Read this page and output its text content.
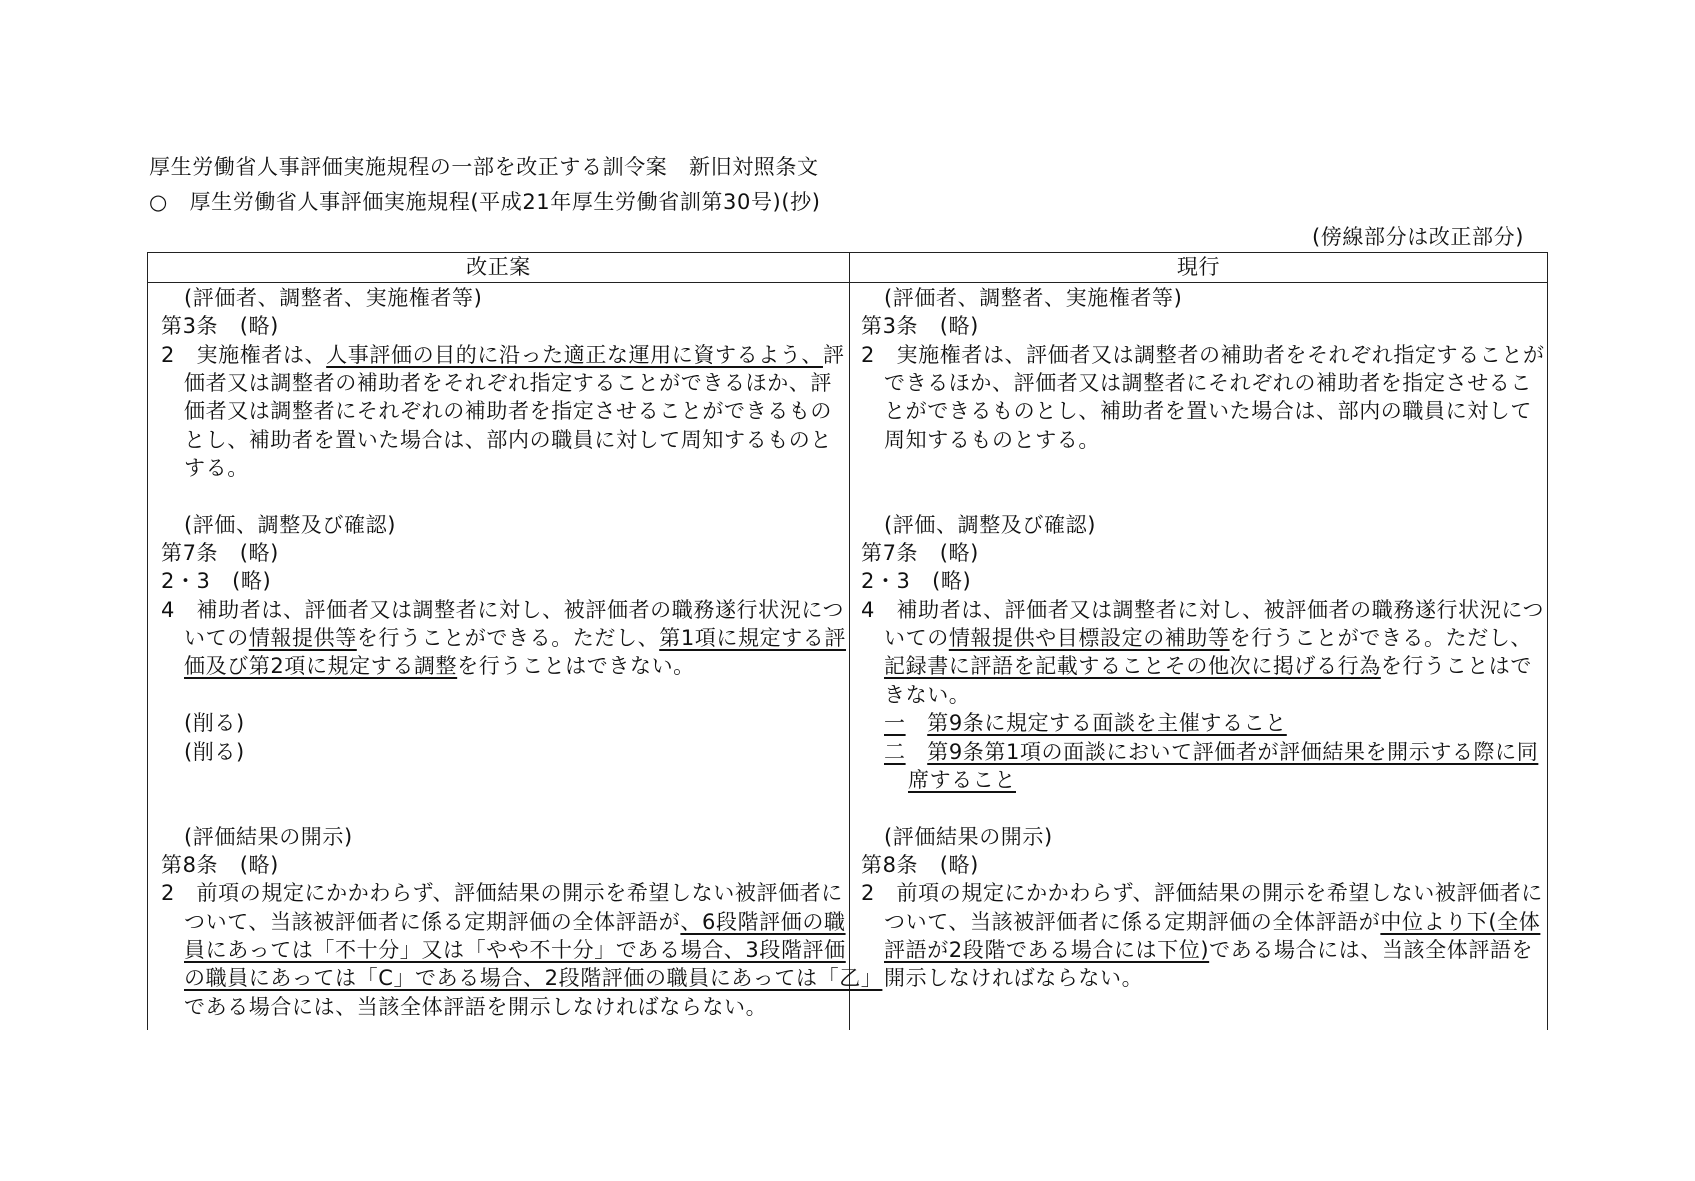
厚生労働省人事評価実施規程の一部を改正する訓令案　新旧対照条文
○　厚生労働省人事評価実施規程(平成21年厚生労働省訓第30号)(抄)
(傍線部分は改正部分)
改正案	現行
(評価者、調整者、実施権者等)
第3条　(略)
2　実施権者は、人事評価の目的に沿った適正な運用に資するよう、評
価者又は調整者の補助者をそれぞれ指定することができるほか、評
価者又は調整者にそれぞれの補助者を指定させることができるもの
とし、補助者を置いた場合は、部内の職員に対して周知するものと
する。
(評価、調整及び確認)
第7条　(略)
2・3　(略)
4　補助者は、評価者又は調整者に対し、被評価者の職務遂行状況につ
いての情報提供等を行うことができる。ただし、第1項に規定する評
価及び第2項に規定する調整を行うことはできない。
(削る)
(削る)
(評価結果の開示)
第8条　(略)
2　前項の規定にかかわらず、評価結果の開示を希望しない被評価者に
ついて、当該被評価者に係る定期評価の全体評語が、6段階評価の職
員にあっては「不十分」又は「やや不十分」である場合、3段階評価
の職員にあっては「C」である場合、2段階評価の職員にあっては「乙」
である場合には、当該全体評語を開示しなければならない。
(評価者、調整者、実施権者等)
第3条　(略)
2　実施権者は、評価者又は調整者の補助者をそれぞれ指定することが
できるほか、評価者又は調整者にそれぞれの補助者を指定させるこ
とができるものとし、補助者を置いた場合は、部内の職員に対して
周知するものとする。
(評価、調整及び確認)
第7条　(略)
2・3　(略)
4　補助者は、評価者又は調整者に対し、被評価者の職務遂行状況につ
いての情報提供や目標設定の補助等を行うことができる。ただし、
記録書に評語を記載することその他次に掲げる行為を行うことはで
きない。
一　 第9条に規定する面談を主催すること
二　 第9条第1項の面談において評価者が評価結果を開示する際に同
席すること
(評価結果の開示)
第8条　(略)
2　前項の規定にかかわらず、評価結果の開示を希望しない被評価者に
ついて、当該被評価者に係る定期評価の全体評語が中位より下(全体
評語が2段階である場合には下位)である場合には、当該全体評語を
開示しなければならない。
